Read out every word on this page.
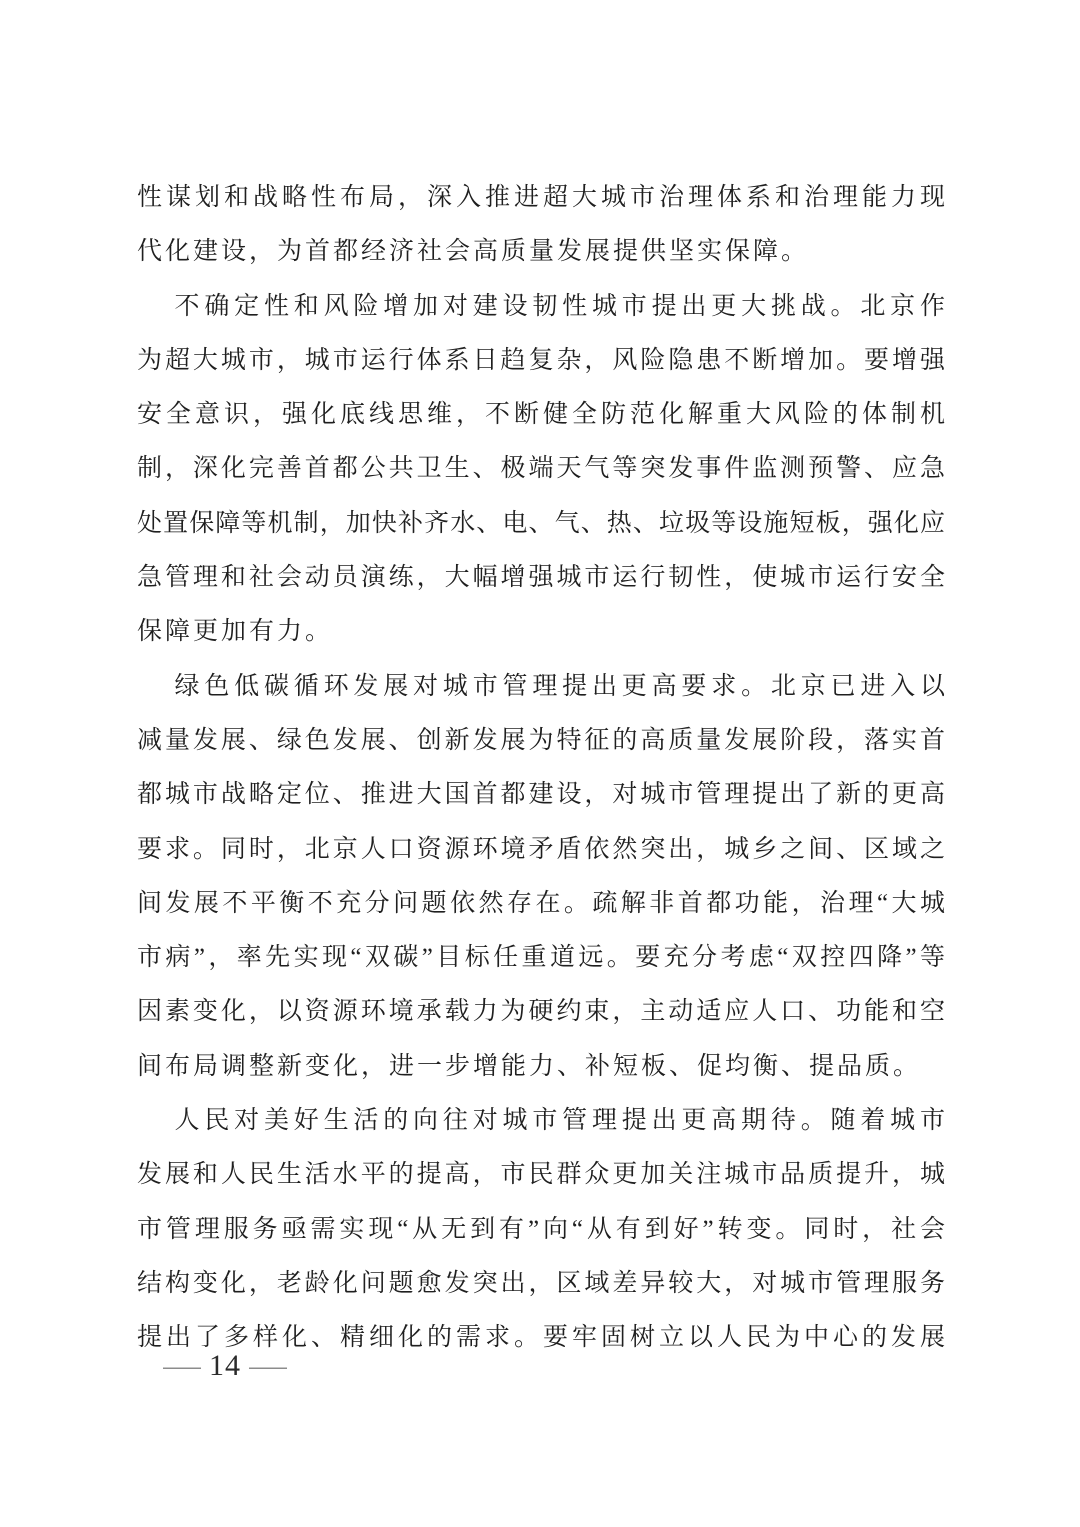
性谋划和战略性布局，深入推进超大城市治理体系和治理能力现
代化建设，为首都经济社会高质量发展提供坚实保障。
不确定性和风险增加对建设韧性城市提出更大挑战。北京作
为超大城市，城市运行体系日趋复杂，风险隐患不断增加。要增强
安全意识，强化底线思维，不断健全防范化解重大风险的体制机
制，深化完善首都公共卫生、极端天气等突发事件监测预警、应急
处置保障等机制，加快补齐水、电、气、热、垃圾等设施短板，强化应
急管理和社会动员演练，大幅增强城市运行韧性，使城市运行安全
保障更加有力。
绿色低碳循环发展对城市管理提出更高要求。北京已进入以
减量发展、绿色发展、创新发展为特征的高质量发展阶段，落实首
都城市战略定位、推进大国首都建设，对城市管理提出了新的更高
要求。同时，北京人口资源环境矛盾依然突出，城乡之间、区域之
间发展不平衡不充分问题依然存在。疏解非首都功能，治理“大城
市病”，率先实现“双碳”目标任重道远。要充分考虑“双控四降”等
因素变化，以资源环境承载力为硬约束，主动适应人口、功能和空
间布局调整新变化，进一步增能力、补短板、促均衡、提品质。
人民对美好生活的向往对城市管理提出更高期待。随着城市
发展和人民生活水平的提高，市民群众更加关注城市品质提升，城
市管理服务亟需实现“从无到有”向“从有到好”转变。同时，社会
结构变化，老龄化问题愈发突出，区域差异较大，对城市管理服务
提出了多样化、精细化的需求。要牢固树立以人民为中心的发展
— 14 —
